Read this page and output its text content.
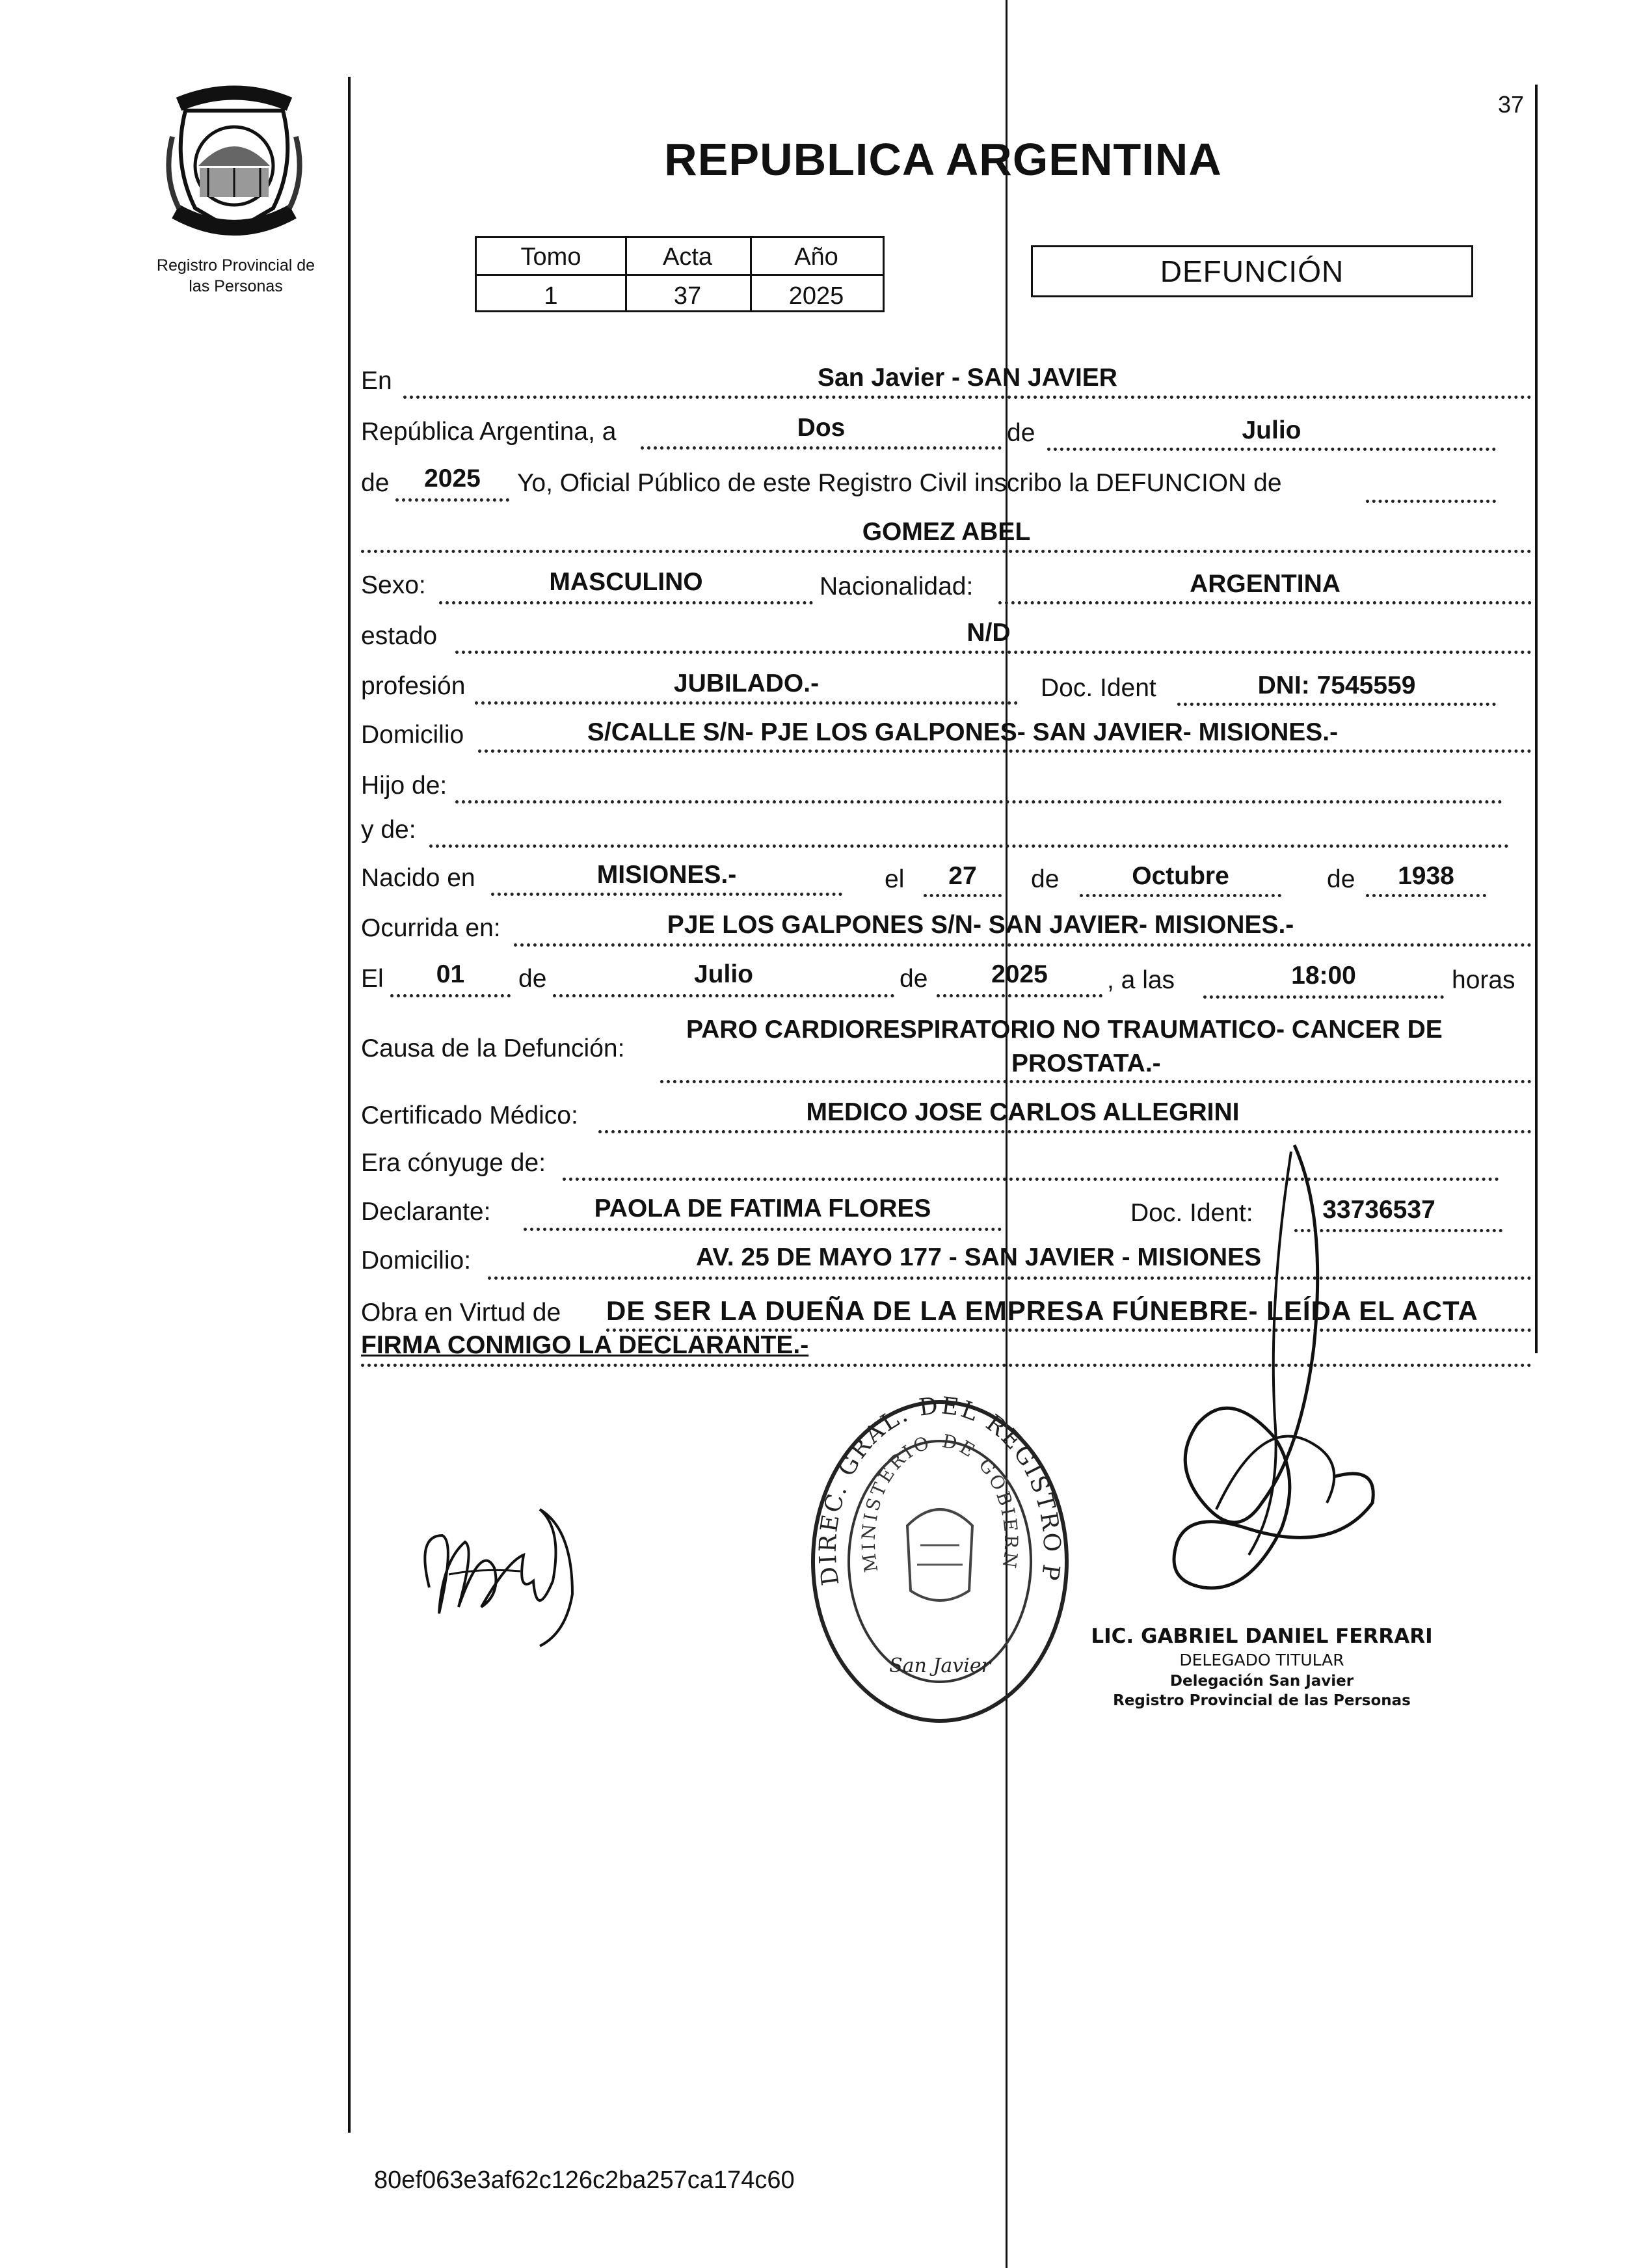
37
Registro Provincial de
las Personas
REPUBLICA ARGENTINA
Tomo	Acta	Año
1	37	2025
DEFUNCIÓN
En	San Javier - SAN JAVIER
República Argentina, a	Dos	de	Julio
de	2025	Yo, Oficial Público de este Registro Civil inscribo la DEFUNCION de
GOMEZ ABEL
Sexo:	MASCULINO	Nacionalidad:	ARGENTINA
estado	N/D
profesión	JUBILADO.-	Doc. Ident	DNI: 7545559
Domicilio	S/CALLE S/N- PJE LOS GALPONES- SAN JAVIER- MISIONES.-
Hijo de:
y de:
Nacido en	MISIONES.-	el	27	de	Octubre	de	1938
Ocurrida en:	PJE LOS GALPONES S/N- SAN JAVIER- MISIONES.-
El	01	de	Julio	de	2025	, a las	18:00	horas
Causa de la Defunción:
PARO CARDIORESPIRATORIO NO TRAUMATICO- CANCER DE
PROSTATA.-
Certificado Médico:	MEDICO JOSE CARLOS ALLEGRINI
Era cónyuge de:
Declarante:	PAOLA DE FATIMA FLORES	Doc. Ident:	33736537
Domicilio:	AV. 25 DE MAYO 177 - SAN JAVIER - MISIONES
Obra en Virtud de DE SER LA DUEÑA DE LA EMPRESA FÚNEBRE- LEÍDA EL ACTA
FIRMA CONMIGO LA DECLARANTE.-
DIREC. GRAL. DEL REGISTRO P
MINISTERIO DE GOBIERN
San Javier
LIC. GABRIEL DANIEL FERRARI
DELEGADO TITULAR
Delegación San Javier
Registro Provincial de las Personas
80ef063e3af62c126c2ba257ca174c60
